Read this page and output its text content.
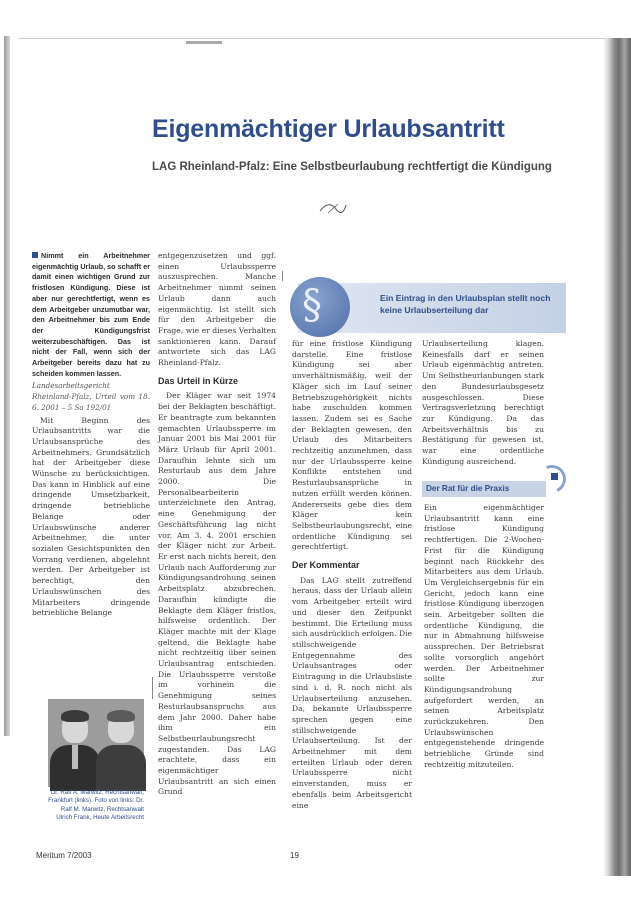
Eigenmächtiger Urlaubsantritt
LAG Rheinland-Pfalz: Eine Selbstbeurlaubung rechtfertigt die Kündigung

Nimmt ein Arbeitnehmer eigenmächtig Urlaub, so schafft er damit einen wichtigen Grund zur fristlosen Kündigung. Diese ist aber nur gerechtfertigt, wenn es dem Arbeitgeber unzumutbar war, den Arbeitnehmer bis zum Ende der Kündigungsfrist weiterzubeschäftigen. Das ist nicht der Fall, wenn sich der Arbeitgeber bereits dazu hat zu scheiden kommen lassen.

Landesarbeitsgericht Rheinland-Pfalz, Urteil vom 18. 6. 2001 – 5 Sa 192/01

Mit Beginn des Urlaubsantritts war die Urlaubsansprüche des Arbeitnehmers. Grundsätzlich hat der Arbeitgeber diese Wünsche zu berücksichtigen. Das kann in Hinblick auf eine dringende Umsetzbarkeit, dringende betriebliche Belange oder Urlaubswünsche anderer Arbeitnehmer, die unter sozialen Gesichtspunkten den Vorrang verdienen, abgelehnt werden. Der Arbeitgeber ist berechtigt, den Urlaubswünschen des Mitarbeiters dringende betriebliche Belange

entgegenzusetzen und ggf. einen Urlaubssperre auszusprechen. Manche Arbeitnehmer nimmt seinen Urlaub dann auch eigenmächtig. Ist stellt sich für den Arbeitgeber die Frage, wie er dieses Verhalten sanktionieren kann. Darauf antwortete sich das LAG Rheinland-Pfalz.

Das Urteil in Kürze

Der Kläger war seit 1974 bei der Beklagten beschäftigt. Er beantragte zum bekannten gemachten Urlaubssperre im Januar 2001 bis Mai 2001 für März Urlaub für April 2001. Daraufhin lehnte sich um Resturlaub aus dem Jahre 2000. Die Personalbearbeiterin unterzeichnete den Antrag, eine Genehmigung der Geschäftsführung lag nicht vor. Am 3. 4. 2001 erschien der Kläger nicht zur Arbeit. Er erst nach nichts bereit, den Urlaub nach Aufforderung zur Kündigungsandrohung seinen Arbeitsplatz abzubrechen. Daraufhin kündigte die Beklagte dem Kläger fristlos, hilfsweise ordentlich. Der Kläger machte mit der Klage geltend, die Beklagte habe nicht rechtzeitig über seinen Urlaubsantrag entschieden. Die Urlaubssperre verstoße im vorhinein die Genehmigung seines Resturlaubsanspruchs aus dem Jahr 2000. Daher habe ihm ein Selbstbeurlaubungsrecht zugestanden. Das LAG erachtete, dass ein eigenmächtiger Urlaubsantritt an sich einen Grund

§	Ein Eintrag in den Urlaubsplan stellt noch keine Urlaubserteilung dar

für eine fristlose Kündigung darstelle. Eine fristlose Kündigung sei aber unverhältnismäßig, weil der Kläger sich im Lauf seiner Betriebszugehörigkeit nichts habe zuschulden kommen lassen. Zudem sei es Sache der Beklagten gewesen, den Urlaub des Mitarbeiters rechtzeitig anzunehmen, dass nur der Urlaubssperre keine Konflikte entstehen und Resturlaubsansprüche in nutzen erfüllt werden können. Andererseits gebe dies dem Kläger kein Selbstbeurlaubungsrecht, eine ordentliche Kündigung sei gerechtfertigt.

Der Kommentar

Das LAG stellt zutreffend heraus, dass der Urlaub allein vom Arbeitgeber erteilt wird und dieser den Zeitpunkt bestimmt. Die Erteilung muss sich ausdrücklich erfolgen. Die stillschweigende Entgegennahme des Urlaubsantrages oder Eintragung in die Urlaubsliste sind i. d. R. noch nicht als Urlaubserteilung anzusehen. Da, bekannte Urlaubssperre sprechen gegen eine stillschweigende Urlaubserteilung. Ist der Arbeitnehmer mit dem erteilten Urlaub oder deren Urlaubssperre nicht einverstanden, muss er ebenfalls beim Arbeitsgericht eine

Urlaubserteilung klagen. Keinesfalls darf er seinen Urlaub eigenmächtig antreten. Um Selbstbeurlaubungen stark den Bundesurlaubsgesetz ausgeschlossen. Diese Vertragsverletzung berechtigt zur Kündigung. Da das Arbeitsverhältnis bis zu Bestätigung für gewesen ist, war eine ordentliche Kündigung ausreichend.

Der Rat für die Praxis
Ein eigenmächtiger Urlaubsantritt kann eine fristlose Kündigung rechtfertigen. Die 2-Wochen-Frist für die Kündigung beginnt nach Rückkehr des Mitarbeiters aus dem Urlaub. Um Vergleichsergebnis für ein Gericht, jedoch kann eine fristlose Kündigung überzogen sein. Arbeitgeber sollten die ordentliche Kündigung, die nur in Abmahnung hilfsweise aussprechen. Der Betriebsrat sollte vorsorglich angehört werden. Der Arbeitnehmer sollte zur Kündigungsandrohung aufgefordert werden, an seinen Arbeitsplatz zurückzukehren. Den Urlaubswünschen entgegenstehende dringende betriebliche Gründe sind rechtzeitig mitzuteilen.
Dr. Ralf A. Marwitz, Rechtsanwalt, Frankfurt (links). Foto von links: Dr. Ralf M. Marwitz, Rechtsanwalt Ulrich Frank, Heute Arbeitsrecht
Meritum 7/2003	19
